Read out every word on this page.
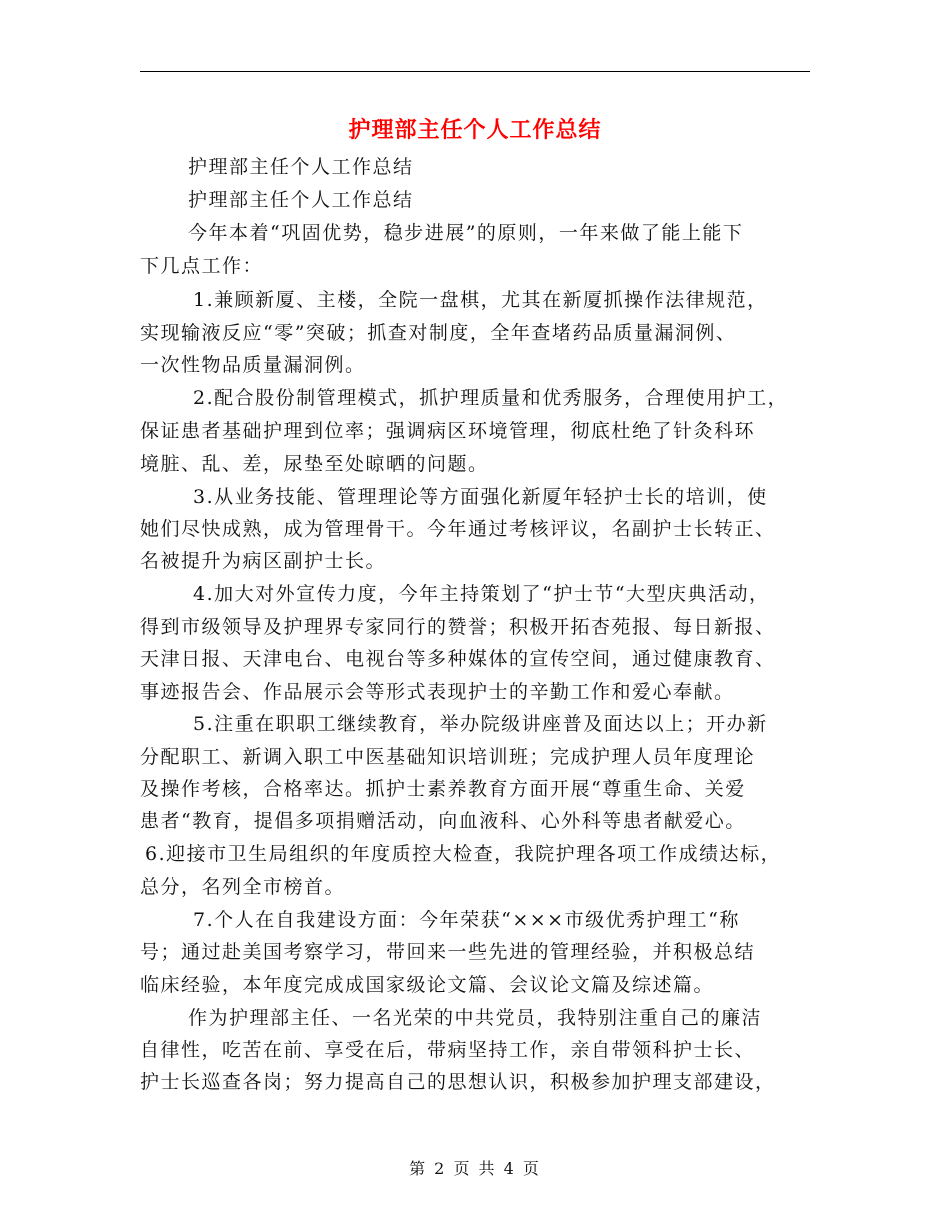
护理部主任个人工作总结
护理部主任个人工作总结
护理部主任个人工作总结
今年本着“巩固优势，稳步进展”的原则，一年来做了能上能下
下几点工作：
1.兼顾新厦、主楼，全院一盘棋，尤其在新厦抓操作法律规范，
实现输液反应“零”突破；抓查对制度，全年查堵药品质量漏洞例、
一次性物品质量漏洞例。
2.配合股份制管理模式，抓护理质量和优秀服务，合理使用护工，
保证患者基础护理到位率；强调病区环境管理，彻底杜绝了针灸科环
境脏、乱、差，尿垫至处晾晒的问题。
3.从业务技能、管理理论等方面强化新厦年轻护士长的培训，使
她们尽快成熟，成为管理骨干。今年通过考核评议，名副护士长转正、
名被提升为病区副护士长。
4.加大对外宣传力度，今年主持策划了“护士节“大型庆典活动，
得到市级领导及护理界专家同行的赞誉；积极开拓杏苑报、每日新报、
天津日报、天津电台、电视台等多种媒体的宣传空间，通过健康教育、
事迹报告会、作品展示会等形式表现护士的辛勤工作和爱心奉献。
5.注重在职职工继续教育，举办院级讲座普及面达以上；开办新
分配职工、新调入职工中医基础知识培训班；完成护理人员年度理论
及操作考核，合格率达。抓护士素养教育方面开展“尊重生命、关爱
患者“教育，提倡多项捐赠活动，向血液科、心外科等患者献爱心。
6.迎接市卫生局组织的年度质控大检查，我院护理各项工作成绩达标，
总分，名列全市榜首。
7.个人在自我建设方面：今年荣获“×××市级优秀护理工“称
号；通过赴美国考察学习，带回来一些先进的管理经验，并积极总结
临床经验，本年度完成成国家级论文篇、会议论文篇及综述篇。
作为护理部主任、一名光荣的中共党员，我特别注重自己的廉洁
自律性，吃苦在前、享受在后，带病坚持工作，亲自带领科护士长、
护士长巡查各岗；努力提高自己的思想认识，积极参加护理支部建设，
第 2 页 共 4 页
